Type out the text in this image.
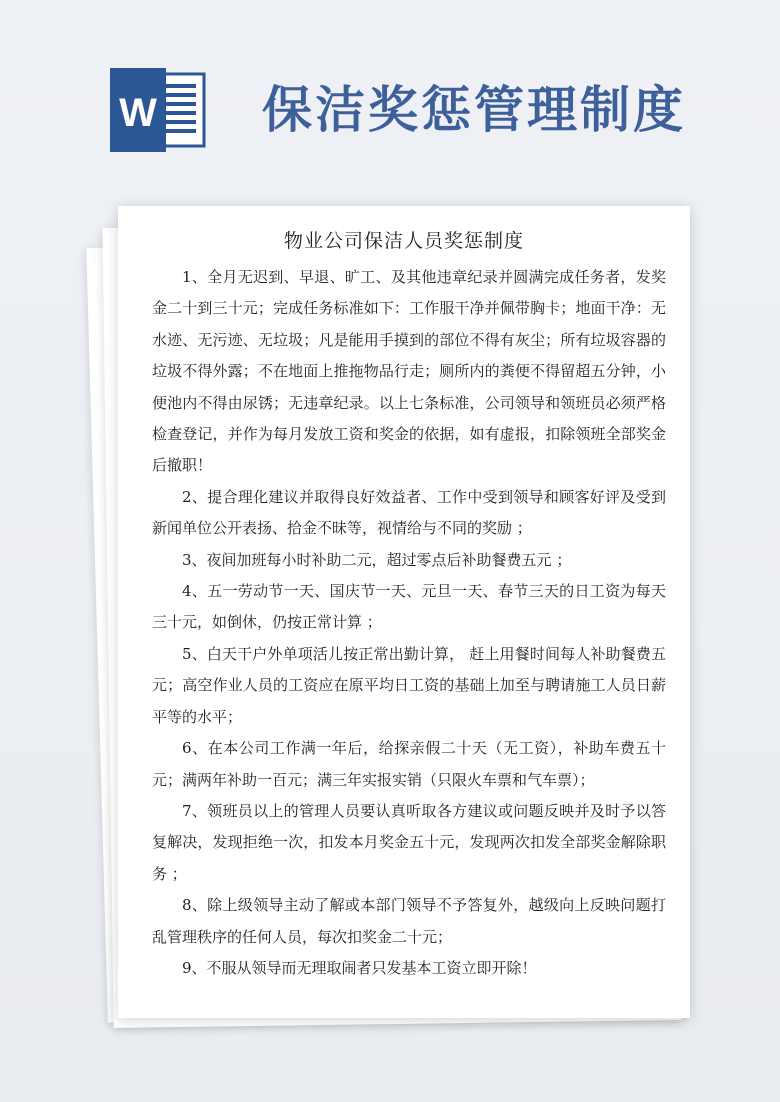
W 保洁奖惩管理制度
物业公司保洁人员奖惩制度

1、全月无迟到、早退、旷工、及其他违章纪录并圆满完成任务者，发奖金二十到三十元；完成任务标准如下：工作服干净并佩带胸卡；地面干净：无水迹、无污迹、无垃圾；凡是能用手摸到的部位不得有灰尘；所有垃圾容器的垃圾不得外露；不在地面上推拖物品行走；厕所内的粪便不得留超五分钟，小便池内不得由尿锈；无违章纪录。以上七条标准，公司领导和领班员必须严格检查登记，并作为每月发放工资和奖金的依据，如有虚报，扣除领班全部奖金后撤职！

2、提合理化建议并取得良好效益者、工作中受到领导和顾客好评及受到新闻单位公开表扬、拾金不昧等，视情给与不同的奖励 ；

3、夜间加班每小时补助二元，超过零点后补助餐费五元 ；

4、五一劳动节一天、国庆节一天、元旦一天、春节三天的日工资为每天三十元，如倒休，仍按正常计算 ；

5、白天干户外单项活儿按正常出勤计算， 赶上用餐时间每人补助餐费五元；高空作业人员的工资应在原平均日工资的基础上加至与聘请施工人员日薪平等的水平；

6、在本公司工作满一年后，给探亲假二十天（无工资），补助车费五十元；满两年补助一百元；满三年实报实销（只限火车票和气车票）；

7、领班员以上的管理人员要认真听取各方建议或问题反映并及时予以答复解决，发现拒绝一次，扣发本月奖金五十元，发现两次扣发全部奖金解除职务 ；

8、除上级领导主动了解或本部门领导不予答复外，越级向上反映问题打乱管理秩序的任何人员，每次扣奖金二十元；

9、不服从领导而无理取闹者只发基本工资立即开除！
